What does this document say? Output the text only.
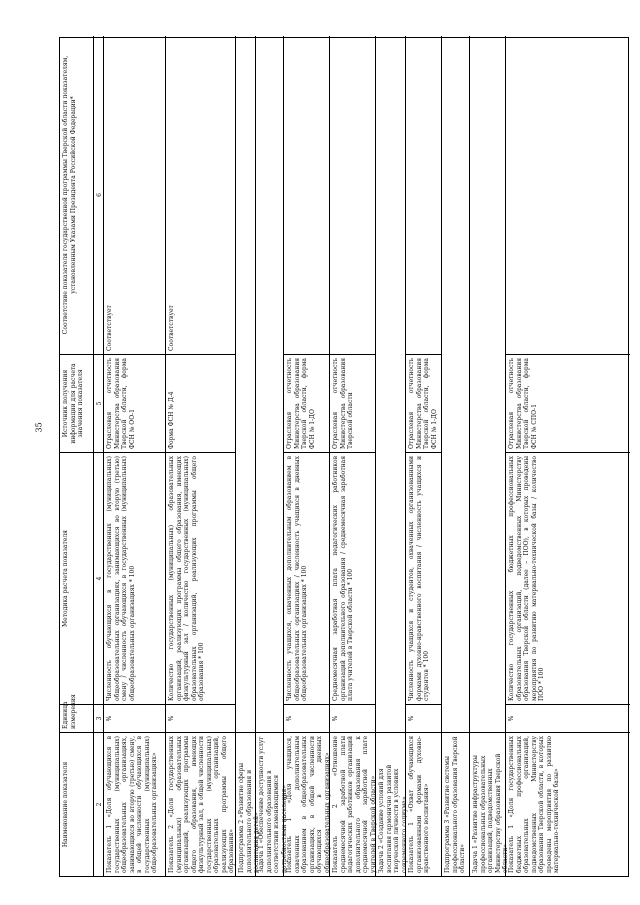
35
Наименование показателя
Единица измерения
Методика расчета показателя
Источник получения информации для расчета значения показателя
Соответствие показателя государственной программы Тверской области показателям, установленным Указами Президента Российской Федерации*
2
3
4
5
6
Показатель 1 «Доля обучающихся в государственных (муниципальных) общеобразовательных организациях, занимающихся во вторую (третью) смену, в общей численности обучающихся в государственных (муниципальных) общеобразовательных организациях»
%
Численность обучающихся в государственных (муниципальных) общеобразовательных организациях, занимающихся во вторую (третью) смену / численность обучающихся в государственных (муниципальных) общеобразовательных организациях * 100
Отраслевая отчетность Министерства образования Тверской области, форма ФСН № ОО-1
Соответствует
Показатель 2 «Доля государственных (муниципальных) образовательных организаций, реализующих программы общего образования, имеющих физкультурный зал, в общей численности государственных (муниципальных) образовательных организаций, реализующих программы общего образования»
%
Количество государственных (муниципальных) образовательных организаций, реализующих программы общего образования, имеющих физкультурный зал / количество государственных (муниципальных) образовательных организаций, реализующих программы общего образования * 100
Форма ФСН № Д-4
Соответствует
Подпрограмма 2 «Развитие сферы дополнительного образования и воспитания детей»
Задача 1 «Обеспечение доступности услуг дополнительного образования в соответствии изменяющимися потребностями населения»
Показатель 1 «Доля учащихся, охваченных дополнительным образованием в общеобразовательных организациях, в общей численности обучающихся в дневных общеобразовательных организациях»
%
Численность учащихся, охваченных дополнительным образованием в общеобразовательных организациях / численность учащихся в дневных общеобразовательных организациях * 100
Отраслевая отчетность Министерства образования Тверской области, форма ФСН № 1-ДО
Показатель 2 «Отношение среднемесячной заработной платы педагогических работников организаций дополнительного образования к среднемесячной заработной плате учителей в Тверской области»
%
Среднемесячная заработная плата педагогических работников организаций дополнительного образования / среднемесячная заработная плата учителей в Тверской области * 100
Отраслевая отчетность Министерства образования Тверской области
Задача 2 «Создание условий для воспитания гармонично развитой творческой личности в условиях современного социума» Показатель 1 «Охват обучающихся организованными формами духовно-нравственного воспитания»
%
Численность учащихся и студентов, охваченных организованными формами духовно-нравственного воспитания / численность учащихся и студентов * 100
Отраслевая отчетность Министерства образования Тверской области, форма ФСН № 1-ДО
Подпрограмма 3 «Развитие системы профессионального образования Тверской области»	Задача 1 «Развитие инфраструктуры профессиональных образовательных организаций, подведомственных Министерству образования Тверской области» Показатель 1 «Доля государственных бюджетных профессиональных образовательных организаций, подведомственных Министерству образования Тверской области, в которых проведены мероприятия по развитию материально-технической базы»
%
Количество государственных бюджетных профессиональных образовательных организаций, подведомственных Министерству образования Тверской области (далее – ПОО), в которых проведены мероприятия по развитию материально-технической базы / количество ПОО * 100
Отраслевая отчетность Министерства образования Тверской области, форма ФСН № СПО-1
